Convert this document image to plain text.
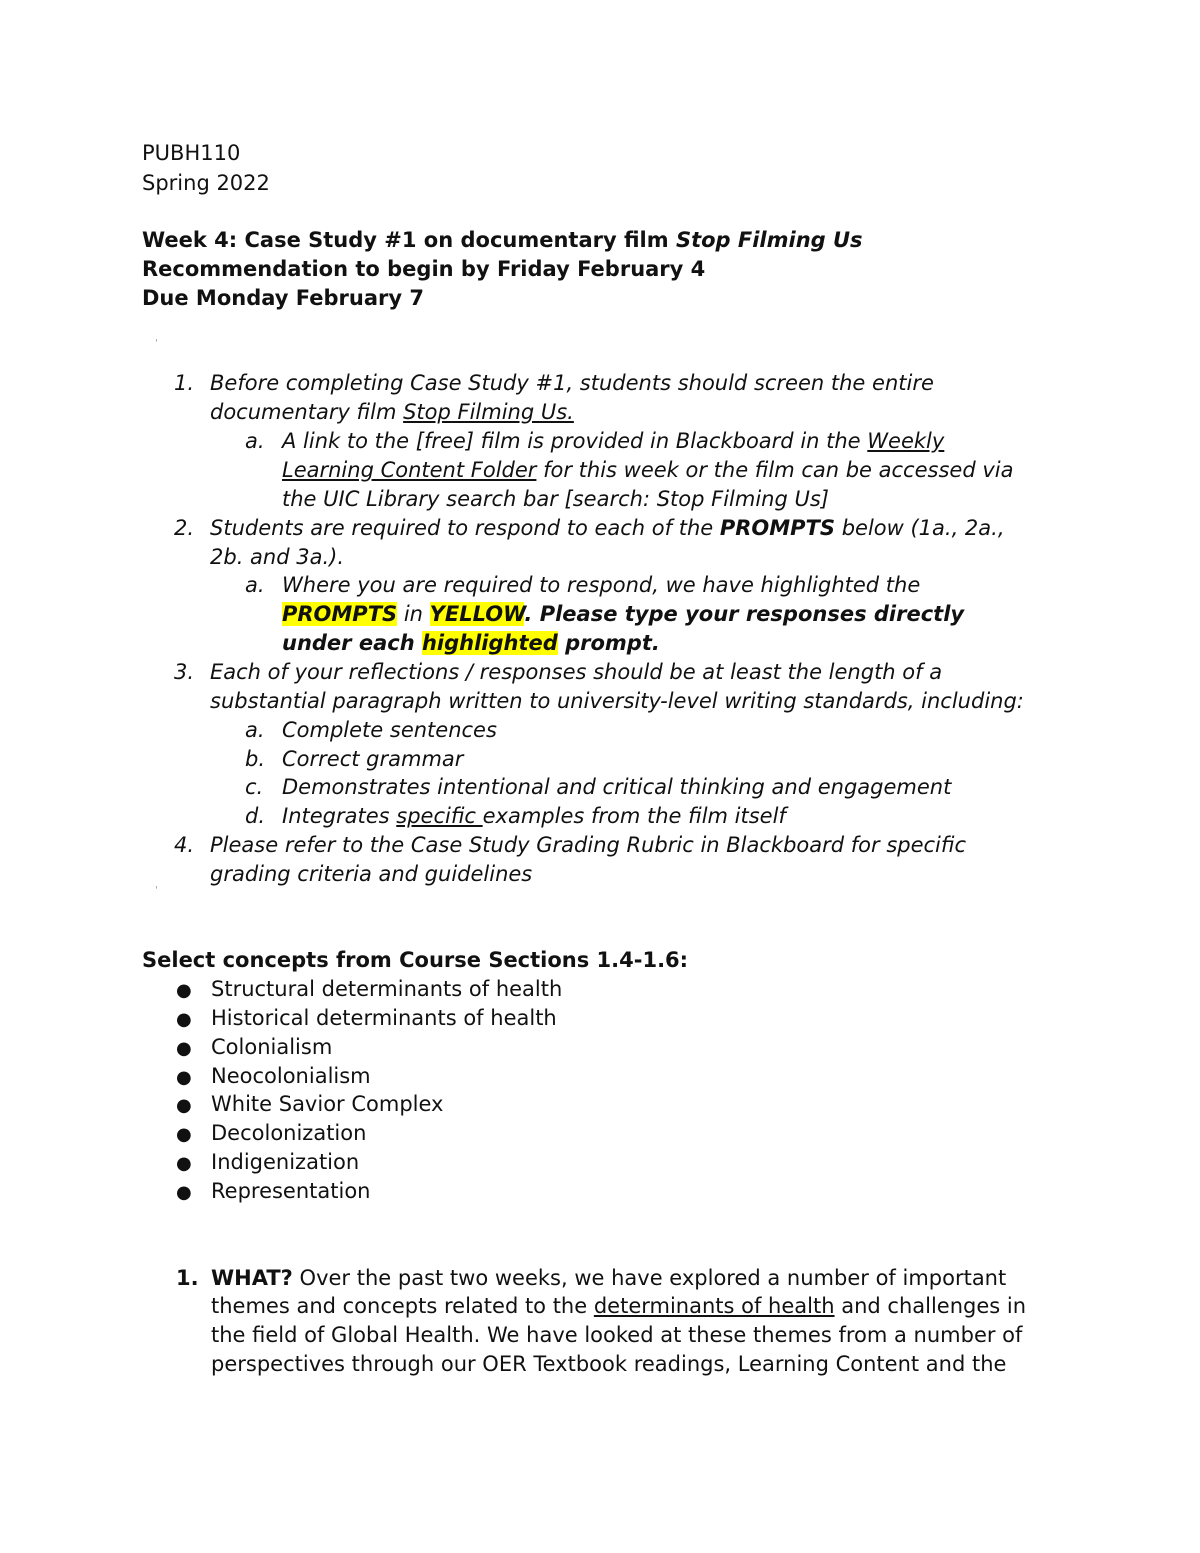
PUBH110
Spring 2022
Week 4: Case Study #1 on documentary film Stop Filming Us
Recommendation to begin by Friday February 4
Due Monday February 7
'
1. Before completing Case Study #1, students should screen the entire
documentary film Stop Filming Us.
a. A link to the [free] film is provided in Blackboard in the Weekly
Learning Content Folder for this week or the film can be accessed via
the UIC Library search bar [search: Stop Filming Us]
2. Students are required to respond to each of the PROMPTS below (1a., 2a.,
2b. and 3a.).
a. Where you are required to respond, we have highlighted the
PROMPTS in YELLOW. Please type your responses directly
under each highlighted prompt.
3. Each of your reflections / responses should be at least the length of a
substantial paragraph written to university-level writing standards, including:
a. Complete sentences
b. Correct grammar
c. Demonstrates intentional and critical thinking and engagement
d. Integrates specific examples from the film itself
4. Please refer to the Case Study Grading Rubric in Blackboard for specific
grading criteria and guidelines
'
Select concepts from Course Sections 1.4-1.6:
● Structural determinants of health
● Historical determinants of health
● Colonialism
● Neocolonialism
● White Savior Complex
● Decolonization
● Indigenization
● Representation
1. WHAT? Over the past two weeks, we have explored a number of important
themes and concepts related to the determinants of health and challenges in
the field of Global Health. We have looked at these themes from a number of
perspectives through our OER Textbook readings, Learning Content and the
